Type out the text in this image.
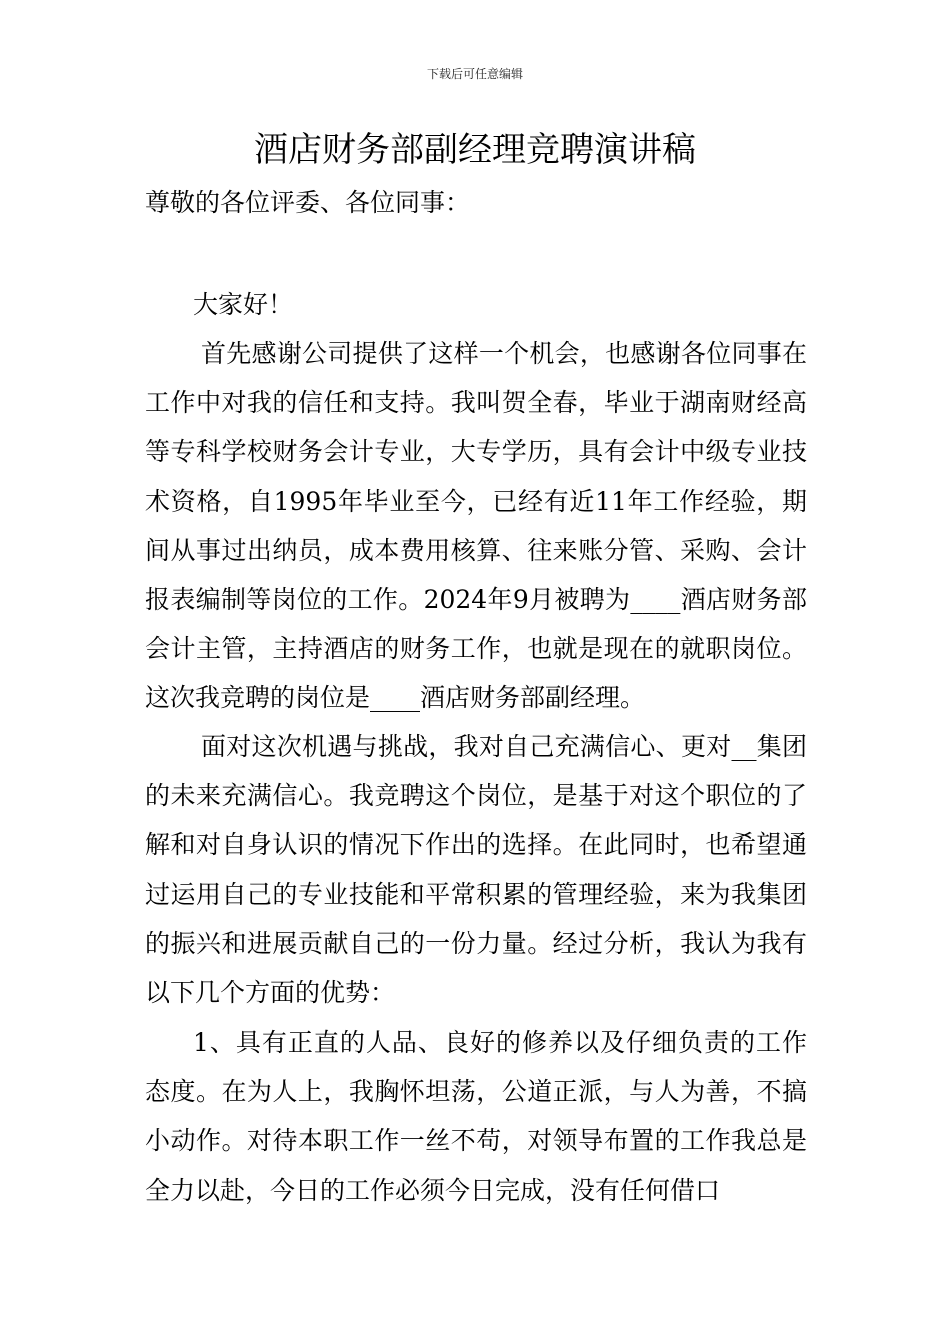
下载后可任意编辑
酒店财务部副经理竞聘演讲稿

尊敬的各位评委、各位同事：

大家好！

首先感谢公司提供了这样一个机会，也感谢各位同事在工作中对我的信任和支持。我叫贺全春，毕业于湖南财经高等专科学校财务会计专业，大专学历，具有会计中级专业技术资格，自1995年毕业至今，已经有近11年工作经验，期间从事过出纳员，成本费用核算、往来账分管、采购、会计报表编制等岗位的工作。2024年9月被聘为____酒店财务部会计主管，主持酒店的财务工作，也就是现在的就职岗位。 这次我竞聘的岗位是____酒店财务部副经理。

面对这次机遇与挑战，我对自己充满信心、更对__集团的未来充满信心。我竞聘这个岗位，是基于对这个职位的了解和对自身认识的情况下作出的选择。在此同时，也希望通过运用自己的专业技能和平常积累的管理经验，来为我集团的振兴和进展贡献自己的一份力量。经过分析，我认为我有以下几个方面的优势：

1、具有正直的人品、良好的修养以及仔细负责的工作态度。在为人上，我胸怀坦荡，公道正派，与人为善，不搞小动作。对待本职工作一丝不苟，对领导布置的工作我总是全力以赴，今日的工作必须今日完成，没有任何借口
